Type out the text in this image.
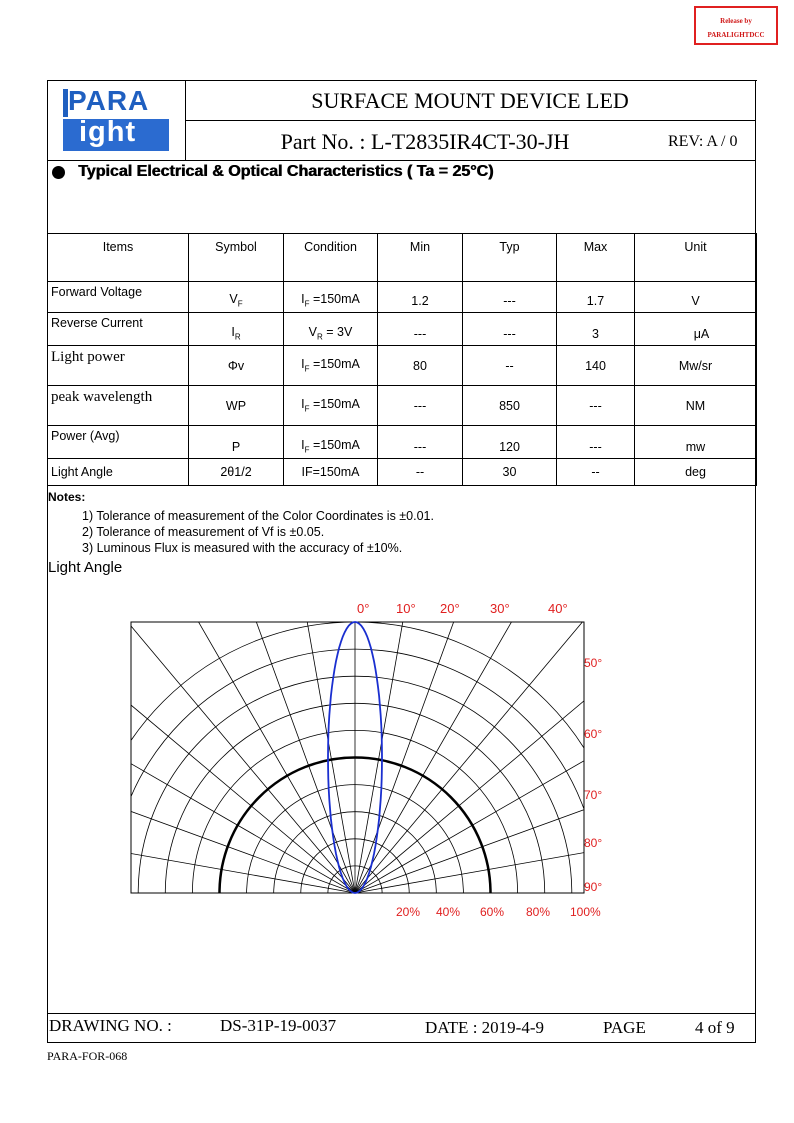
Release by
PARALIGHTDCC
PARA
ight
SURFACE MOUNT DEVICE LED
Part No. : L-T2835IR4CT-30-JH	REV: A / 0
Typical Electrical & Optical Characteristics ( Ta = 25°C)
Items	Symbol	Condition	Min	Typ	Max	Unit

Forward Voltage	$V_F$	$I_F =150mA$	1.2	---	1.7	V

Reverse Current	$I_R$	$V_R = 3V$	---	---	3	μA

Light power	Φv	$I_F =150mA$	80	--	140	Mw/sr

peak wavelength	WP	$I_F =150mA$	---	850	---	NM

Power (Avg)	P	$I_F =150mA$	---	120	---	mw

Light Angle	2θ1/2	IF=150mA	--	30	--	deg
Notes:
1) Tolerance of measurement of the Color Coordinates is ±0.01.
2) Tolerance of measurement of Vf is ±0.05.
3) Luminous Flux is measured with the accuracy of ±10%.
Light Angle
0° 10° 20° 30°	40°
50°
60°
70°
80°
90°
20% 40% 60% 80% 100%
DRAWING NO. :	DS-31P-19-0037	DATE : 2019-4-9	PAGE	4 of 9
PARA-FOR-068
